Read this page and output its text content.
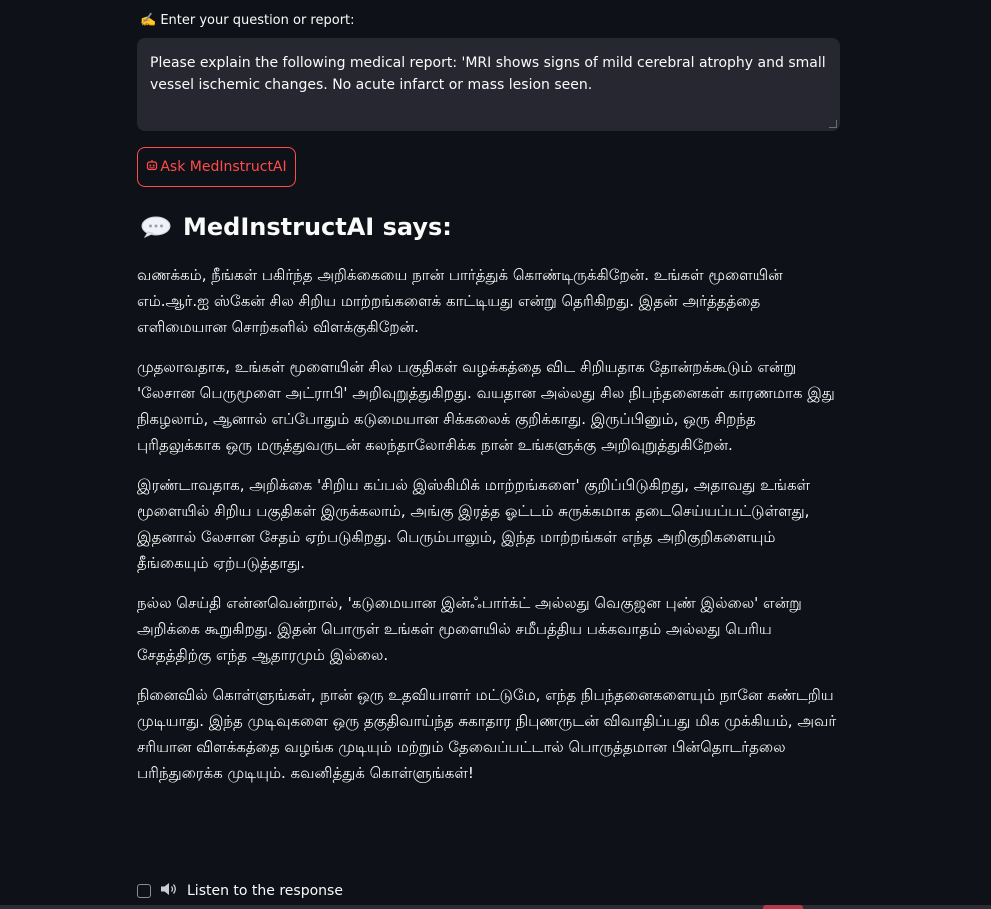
✍️ Enter your question or report:
Please explain the following medical report: 'MRI shows signs of mild cerebral atrophy and small vessel ischemic changes. No acute infarct or mass lesion seen.
Ask MedInstructAI
MedInstructAI says:

வணக்கம், நீங்கள் பகிர்ந்த அறிக்கையை நான் பார்த்துக் கொண்டிருக்கிறேன். உங்கள் மூளையின் எம்.ஆர்.ஐ ஸ்கேன் சில சிறிய மாற்றங்களைக் காட்டியது என்று தெரிகிறது. இதன் அர்த்தத்தை எளிமையான சொற்களில் விளக்குகிறேன்.

முதலாவதாக, உங்கள் மூளையின் சில பகுதிகள் வழக்கத்தை விட சிறியதாக தோன்றக்கூடும் என்று 'லேசான பெருமூளை அட்ராபி' அறிவுறுத்துகிறது. வயதான அல்லது சில நிபந்தனைகள் காரணமாக இது நிகழலாம், ஆனால் எப்போதும் கடுமையான சிக்கலைக் குறிக்காது. இருப்பினும், ஒரு சிறந்த புரிதலுக்காக ஒரு மருத்துவருடன் கலந்தாலோசிக்க நான் உங்களுக்கு அறிவுறுத்துகிறேன்.

இரண்டாவதாக, அறிக்கை 'சிறிய கப்பல் இஸ்கிமிக் மாற்றங்களை' குறிப்பிடுகிறது, அதாவது உங்கள் மூளையில் சிறிய பகுதிகள் இருக்கலாம், அங்கு இரத்த ஓட்டம் சுருக்கமாக தடைசெய்யப்பட்டுள்ளது, இதனால் லேசான சேதம் ஏற்படுகிறது. பெரும்பாலும், இந்த மாற்றங்கள் எந்த அறிகுறிகளையும் தீங்கையும் ஏற்படுத்தாது.

நல்ல செய்தி என்னவென்றால், 'கடுமையான இன்ஃபார்க்ட் அல்லது வெகுஜன புண் இல்லை' என்று அறிக்கை கூறுகிறது. இதன் பொருள் உங்கள் மூளையில் சமீபத்திய பக்கவாதம் அல்லது பெரிய சேதத்திற்கு எந்த ஆதாரமும் இல்லை.

நினைவில் கொள்ளுங்கள், நான் ஒரு உதவியாளர் மட்டுமே, எந்த நிபந்தனைகளையும் நானே கண்டறிய முடியாது. இந்த முடிவுகளை ஒரு தகுதிவாய்ந்த சுகாதார நிபுணருடன் விவாதிப்பது மிக முக்கியம், அவர் சரியான விளக்கத்தை வழங்க முடியும் மற்றும் தேவைப்பட்டால் பொருத்தமான பின்தொடர்தலை பரிந்துரைக்க முடியும். கவனித்துக் கொள்ளுங்கள்!

Listen to the response
